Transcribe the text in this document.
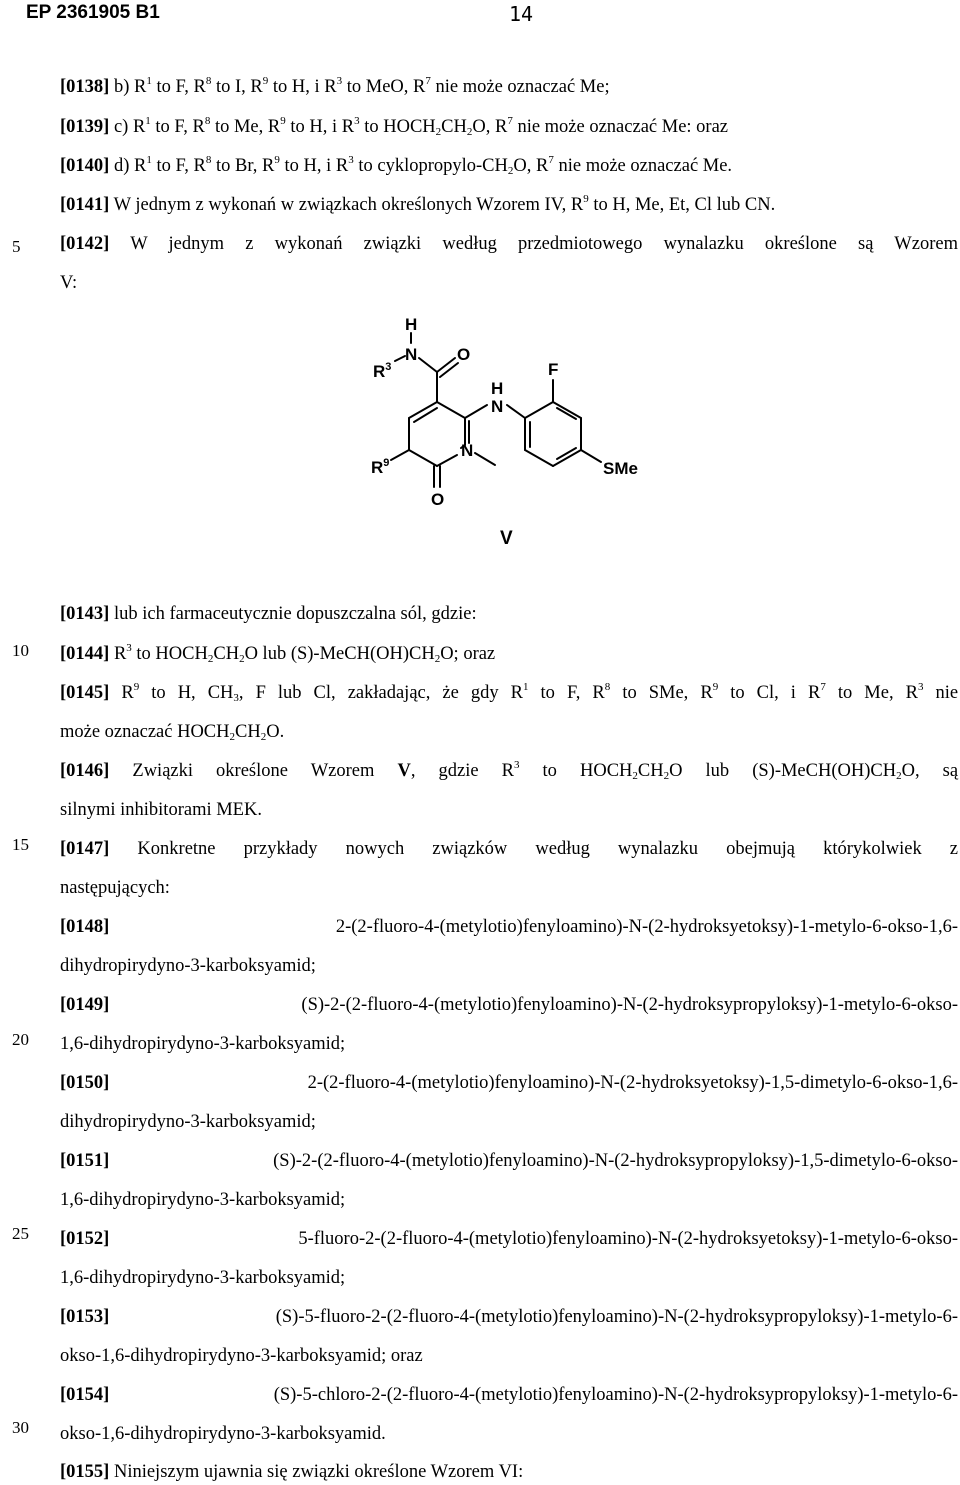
EP 2361905 B1	14
5
10
15
20
25
30
[0138] b) $R^1$ to F, $R^8$ to I, $R^9$ to H, i $R^3$ to MeO, $R^7$ nie może oznaczać Me;
[0139] c) $R^1$ to F, $R^8$ to Me, $R^9$ to H, i $R^3$ to $HOCH_2CH_2O$, $R^7$ nie może oznaczać Me: oraz
[0140] d) $R^1$ to F, $R^8$ to Br, $R^9$ to H, i $R^3$ to cyklopropylo-$CH_2O$, $R^7$ nie może oznaczać Me.
[0141] W jednym z wykonań w związkach określonych Wzorem IV, $R^9$ to H, Me, Et, Cl lub CN.
[0142] W jednym z wykonań związki według przedmiotowego wynalazku określone są Wzorem
V:
H
N
$R^3$
O
H
N
F
SMe
$R^9$
N
O
V
[0143] lub ich farmaceutycznie dopuszczalna sól, gdzie:
[0144] $R^3$ to $HOCH_2CH_2O$ lub $(S)-MeCH(OH)CH_2O$; oraz
[0145] $R^9$ to H, $CH_3$, F lub Cl, zakładając, że gdy $R^1$ to F, $R^8$ to SMe, $R^9$ to Cl, i $R^7$ to Me, $R^3$ nie
może oznaczać $HOCH_2CH_2O$.
[0146] Związki określone Wzorem V, gdzie $R^3$ to $HOCH_2CH_2O$ lub $(S)-MeCH(OH)CH_2O$, są
silnymi inhibitorami MEK.
[0147] Konkretne przykłady nowych związków według wynalazku obejmują którykolwiek z
następujących:
[0148]	2-(2-fluoro-4-(metylotio)fenyloamino)-N-(2-hydroksyetoksy)-1-metylo-6-okso-1,6-
dihydropirydyno-3-karboksyamid;
[0149]	(S)-2-(2-fluoro-4-(metylotio)fenyloamino)-N-(2-hydroksypropyloksy)-1-metylo-6-okso-
1,6-dihydropirydyno-3-karboksyamid;
[0150]	2-(2-fluoro-4-(metylotio)fenyloamino)-N-(2-hydroksyetoksy)-1,5-dimetylo-6-okso-1,6-
dihydropirydyno-3-karboksyamid;
[0151]	(S)-2-(2-fluoro-4-(metylotio)fenyloamino)-N-(2-hydroksypropyloksy)-1,5-dimetylo-6-okso-
1,6-dihydropirydyno-3-karboksyamid;
[0152]	5-fluoro-2-(2-fluoro-4-(metylotio)fenyloamino)-N-(2-hydroksyetoksy)-1-metylo-6-okso-
1,6-dihydropirydyno-3-karboksyamid;
[0153]	(S)-5-fluoro-2-(2-fluoro-4-(metylotio)fenyloamino)-N-(2-hydroksypropyloksy)-1-metylo-6-
okso-1,6-dihydropirydyno-3-karboksyamid; oraz
[0154]	(S)-5-chloro-2-(2-fluoro-4-(metylotio)fenyloamino)-N-(2-hydroksypropyloksy)-1-metylo-6-
okso-1,6-dihydropirydyno-3-karboksyamid.
[0155] Niniejszym ujawnia się związki określone Wzorem VI:
